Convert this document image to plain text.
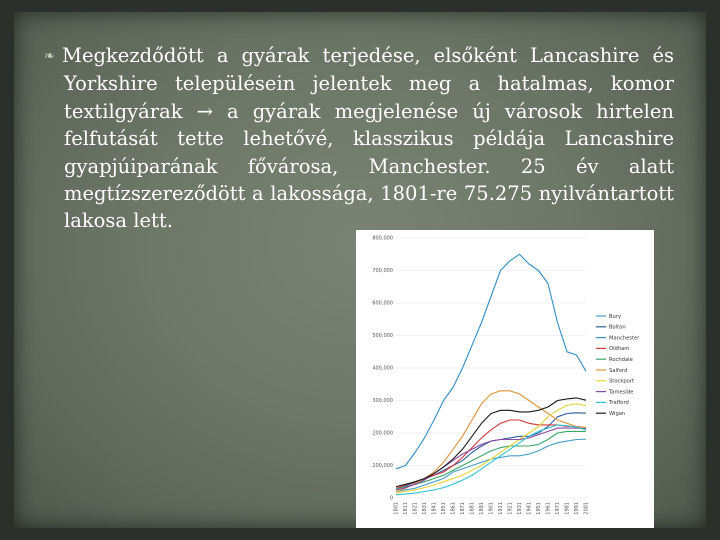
❧ Megkezdődött a gyárak terjedése, elsőként Lancashire és Yorkshire településein jelentek meg a hatalmas, komor textilgyárak → a gyárak megjelenése új városok hirtelen felfutását tette lehetővé, klasszikus példája Lancashire gyapjúiparának fővárosa, Manchester. 25 év alatt megtízszereződött a lakossága, 1801-re 75.275 nyilvántartott lakosa lett.

0
100,000
200,000
300,000
400,000
500,000
600,000
700,000
800,000
1801 1811 1821 1831 1841 1851 1861 1871 1881 1891 1901 1911 1921 1931 1941 1951 1961 1971 1981 1991 2001
Bury
Bolton
Manchester
Oldham
Rochdale
Salford
Stockport
Tameside
Trafford
Wigan
